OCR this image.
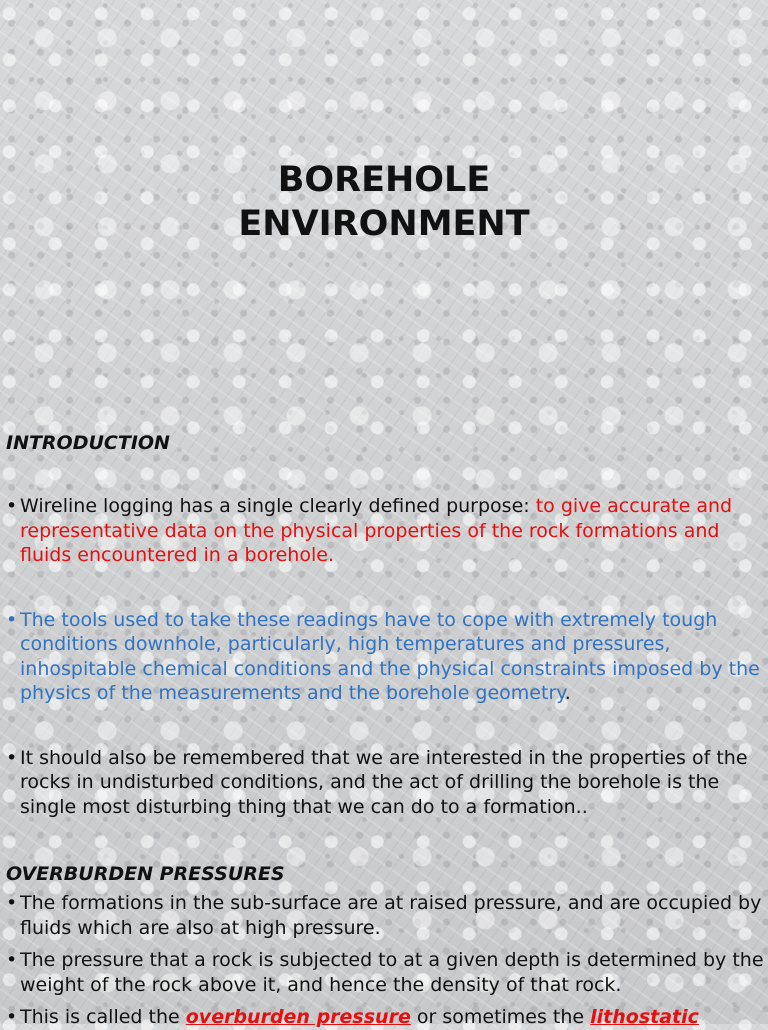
BOREHOLE
ENVIRONMENT

INTRODUCTION

• Wireline logging has a single clearly defined purpose: to give accurate and representative data on the physical properties of the rock formations and fluids encountered in a borehole.

• The tools used to take these readings have to cope with extremely tough conditions downhole, particularly, high temperatures and pressures, inhospitable chemical conditions and the physical constraints imposed by the physics of the measurements and the borehole geometry.

• It should also be remembered that we are interested in the properties of the rocks in undisturbed conditions, and the act of drilling the borehole is the single most disturbing thing that we can do to a formation..

OVERBURDEN PRESSURES

• The formations in the sub-surface are at raised pressure, and are occupied by fluids which are also at high pressure.

• The pressure that a rock is subjected to at a given depth is determined by the weight of the rock above it, and hence the density of that rock.

• This is called the overburden pressure or sometimes the lithostatic
